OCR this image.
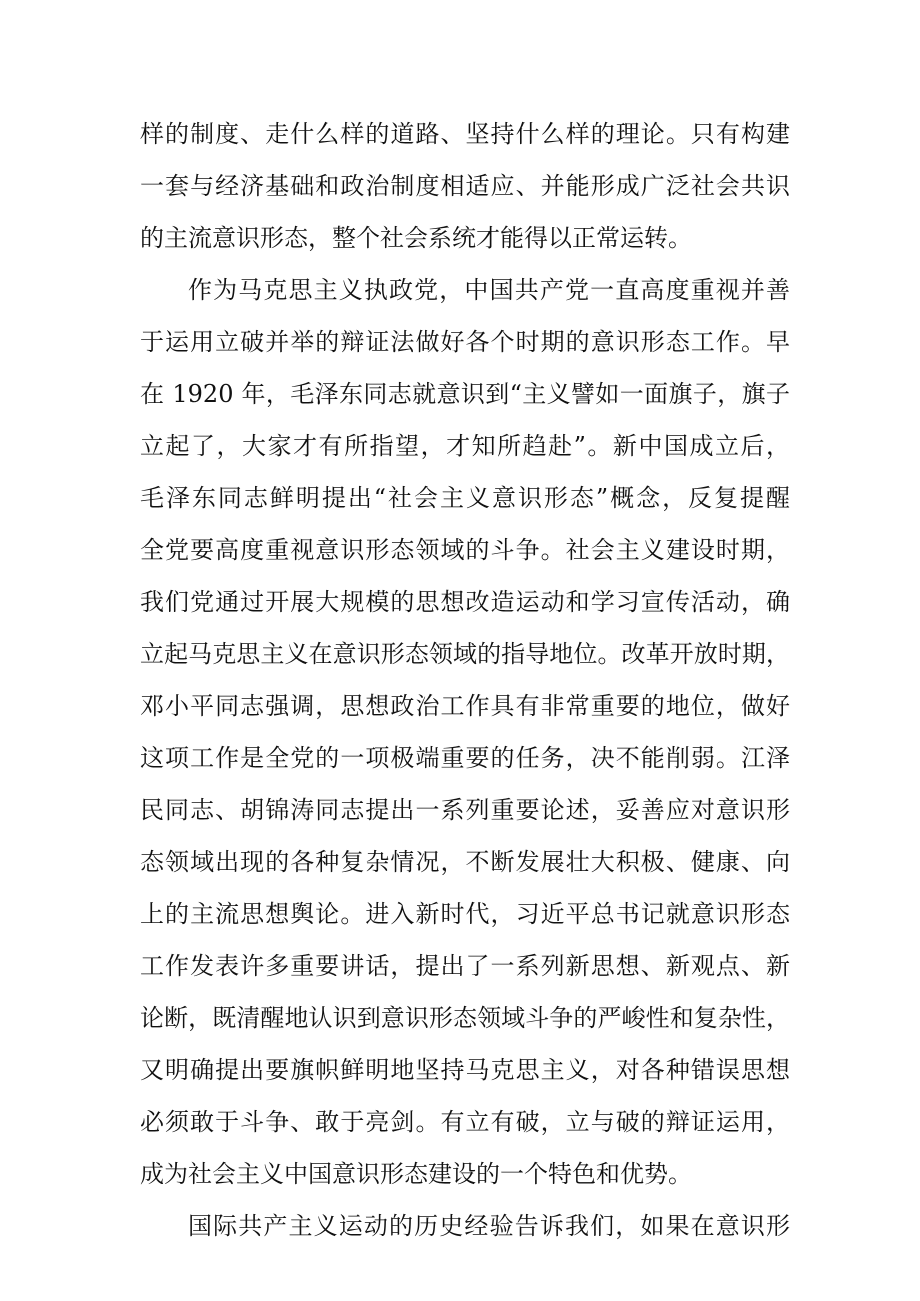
样的制度、走什么样的道路、坚持什么样的理论。只有构建
一套与经济基础和政治制度相适应、并能形成广泛社会共识
的主流意识形态，整个社会系统才能得以正常运转。
作为马克思主义执政党，中国共产党一直高度重视并善
于运用立破并举的辩证法做好各个时期的意识形态工作。早
在 1920 年，毛泽东同志就意识到“主义譬如一面旗子，旗子
立起了，大家才有所指望，才知所趋赴”。新中国成立后，
毛泽东同志鲜明提出“社会主义意识形态”概念，反复提醒
全党要高度重视意识形态领域的斗争。社会主义建设时期，
我们党通过开展大规模的思想改造运动和学习宣传活动，确
立起马克思主义在意识形态领域的指导地位。改革开放时期，
邓小平同志强调，思想政治工作具有非常重要的地位，做好
这项工作是全党的一项极端重要的任务，决不能削弱。江泽
民同志、胡锦涛同志提出一系列重要论述，妥善应对意识形
态领域出现的各种复杂情况，不断发展壮大积极、健康、向
上的主流思想舆论。进入新时代，习近平总书记就意识形态
工作发表许多重要讲话，提出了一系列新思想、新观点、新
论断，既清醒地认识到意识形态领域斗争的严峻性和复杂性，
又明确提出要旗帜鲜明地坚持马克思主义，对各种错误思想
必须敢于斗争、敢于亮剑。有立有破，立与破的辩证运用，
成为社会主义中国意识形态建设的一个特色和优势。
国际共产主义运动的历史经验告诉我们，如果在意识形
